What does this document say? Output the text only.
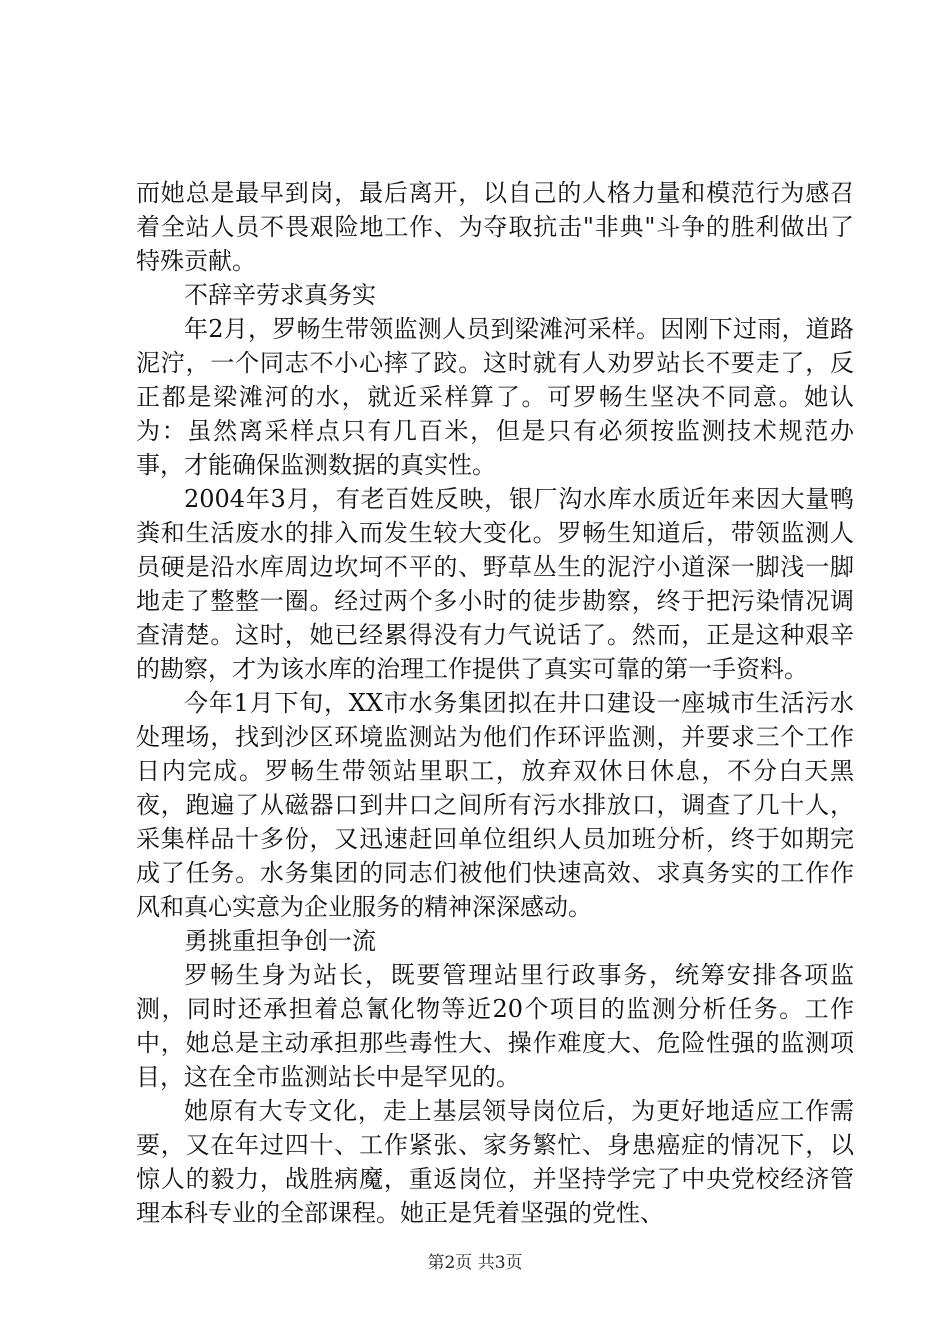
而她总是最早到岗，最后离开，以自己的人格力量和模范行为感召着全站人员不畏艰险地工作、为夺取抗击"非典"斗争的胜利做出了特殊贡献。

不辞辛劳求真务实

年2月，罗畅生带领监测人员到梁滩河采样。因刚下过雨，道路泥泞，一个同志不小心摔了跤。这时就有人劝罗站长不要走了，反正都是梁滩河的水，就近采样算了。可罗畅生坚决不同意。她认为：虽然离采样点只有几百米，但是只有必须按监测技术规范办事，才能确保监测数据的真实性。

2004年3月，有老百姓反映，银厂沟水库水质近年来因大量鸭粪和生活废水的排入而发生较大变化。罗畅生知道后，带领监测人员硬是沿水库周边坎坷不平的、野草丛生的泥泞小道深一脚浅一脚地走了整整一圈。经过两个多小时的徒步勘察，终于把污染情况调查清楚。这时，她已经累得没有力气说话了。然而，正是这种艰辛的勘察，才为该水库的治理工作提供了真实可靠的第一手资料。

今年1月下旬，XX市水务集团拟在井口建设一座城市生活污水处理场，找到沙区环境监测站为他们作环评监测，并要求三个工作日内完成。罗畅生带领站里职工，放弃双休日休息，不分白天黑夜，跑遍了从磁器口到井口之间所有污水排放口，调查了几十人，采集样品十多份，又迅速赶回单位组织人员加班分析，终于如期完成了任务。水务集团的同志们被他们快速高效、求真务实的工作作风和真心实意为企业服务的精神深深感动。

勇挑重担争创一流

罗畅生身为站长，既要管理站里行政事务，统筹安排各项监测，同时还承担着总氰化物等近20个项目的监测分析任务。工作中，她总是主动承担那些毒性大、操作难度大、危险性强的监测项目，这在全市监测站长中是罕见的。

她原有大专文化，走上基层领导岗位后，为更好地适应工作需要，又在年过四十、工作紧张、家务繁忙、身患癌症的情况下，以惊人的毅力，战胜病魔，重返岗位，并坚持学完了中央党校经济管理本科专业的全部课程。她正是凭着坚强的党性、

第2页 共3页
